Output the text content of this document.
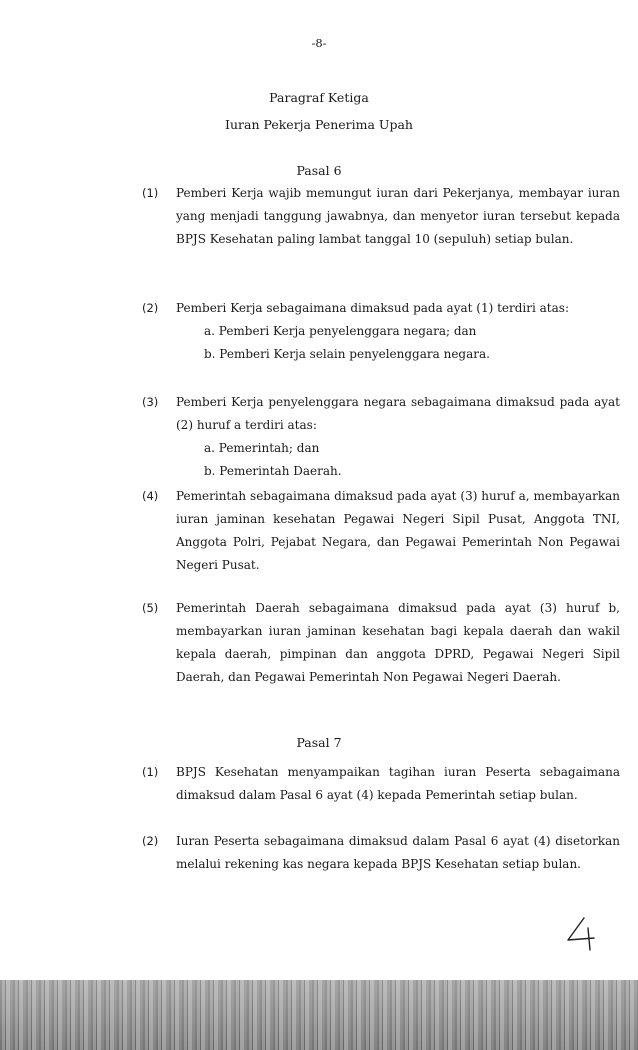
-8-
Paragraf Ketiga
Iuran Pekerja Penerima Upah
Pasal 6
(1) Pemberi Kerja wajib memungut iuran dari Pekerjanya, membayar iuran yang menjadi tanggung jawabnya, dan menyetor iuran tersebut kepada BPJS Kesehatan paling lambat tanggal 10 (sepuluh) setiap bulan.

(2) Pemberi Kerja sebagaimana dimaksud pada ayat (1) terdiri atas:

a. Pemberi Kerja penyelenggara negara; dan

b. Pemberi Kerja selain penyelenggara negara.

(3) Pemberi Kerja penyelenggara negara sebagaimana dimaksud pada ayat (2) huruf a terdiri atas:

a. Pemerintah; dan

b. Pemerintah Daerah.

(4) Pemerintah sebagaimana dimaksud pada ayat (3) huruf a, membayarkan iuran jaminan kesehatan Pegawai Negeri Sipil Pusat, Anggota TNI, Anggota Polri, Pejabat Negara, dan Pegawai Pemerintah Non Pegawai Negeri Pusat.

(5) Pemerintah Daerah sebagaimana dimaksud pada ayat (3) huruf b, membayarkan iuran jaminan kesehatan bagi kepala daerah dan wakil kepala daerah, pimpinan dan anggota DPRD, Pegawai Negeri Sipil Daerah, dan Pegawai Pemerintah Non Pegawai Negeri Daerah.

Pasal 7
(1) BPJS Kesehatan menyampaikan tagihan iuran Peserta sebagaimana dimaksud dalam Pasal 6 ayat (4) kepada Pemerintah setiap bulan.

(2) Iuran Peserta sebagaimana dimaksud dalam Pasal 6 ayat (4) disetorkan melalui rekening kas negara kepada BPJS Kesehatan setiap bulan.
